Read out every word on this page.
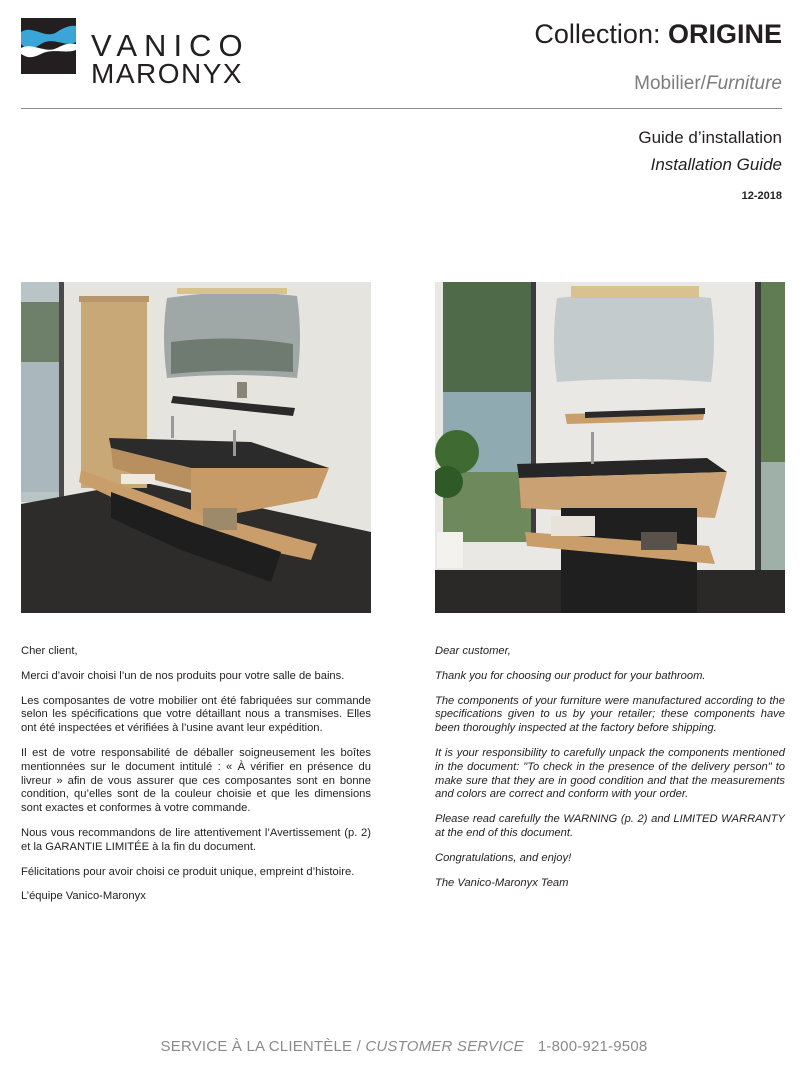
VANICO
MARONYX
Collection: ORIGINE
Mobilier/Furniture
Guide d’installation
Installation Guide
12-2018

Cher client,

Merci d’avoir choisi l’un de nos produits pour votre salle de bains.

Les composantes de votre mobilier ont été fabriquées sur commande selon les spécifications que votre détaillant nous a transmises. Elles ont été inspectées et vérifiées à l’usine avant leur expédition.

Il est de votre responsabilité de déballer soigneusement les boîtes mentionnées sur le document intitulé : « À vérifier en présence du livreur » afin de vous assurer que ces composantes sont en bonne condition, qu’elles sont de la couleur choisie et que les dimensions sont exactes et conformes à votre commande.

Nous vous recommandons de lire attentivement l’Avertissement (p. 2) et la GARANTIE LIMITÉE à la fin du document.

Félicitations pour avoir choisi ce produit unique, empreint d’histoire.

L’équipe Vanico-Maronyx

Dear customer,

Thank you for choosing our product for your bathroom.

The components of your furniture were manufactured according to the specifications given to us by your retailer; these components have been thoroughly inspected at the factory before shipping.

It is your responsibility to carefully unpack the components mentioned in the document: "To check in the presence of the delivery person" to make sure that they are in good condition and that the measurements and colors are correct and conform with your order.

Please read carefully the WARNING (p. 2) and LIMITED WARRANTY at the end of this document.

Congratulations, and enjoy!

The Vanico-Maronyx Team

SERVICE À LA CLIENTÈLE / CUSTOMER SERVICE 1-800-921-9508
